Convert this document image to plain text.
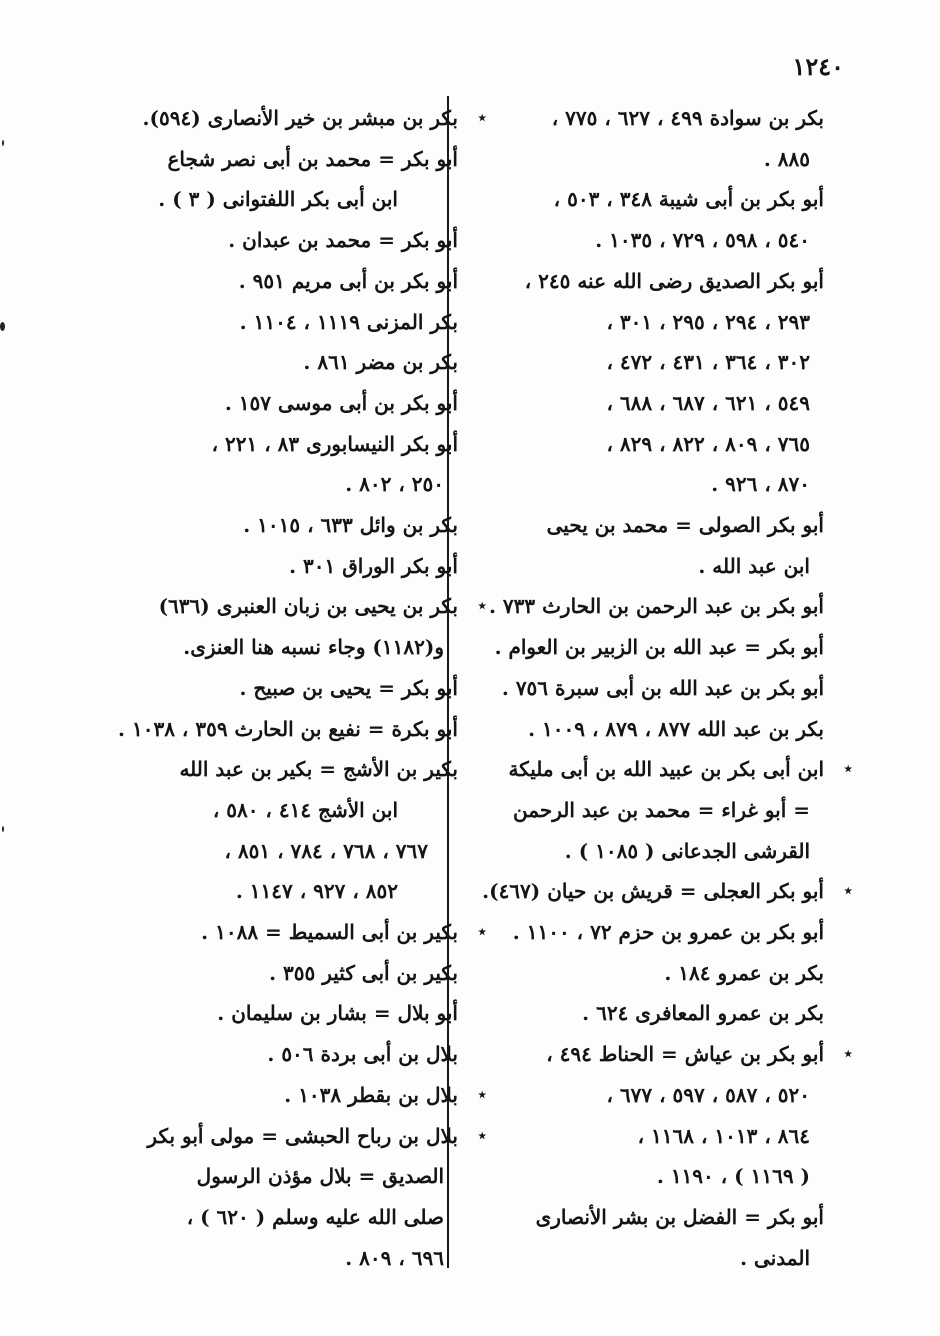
١٢٤٠
بكر بن سوادة ٤٩٩ ، ٦٢٧ ، ٧٧٥ ،
٨٨٥ .
أبو بكر بن أبى شيبة ٣٤٨ ، ٥٠٣ ،
٥٤٠ ، ٥٩٨ ، ٧٢٩ ، ١٠٣٥ .
أبو بكر الصديق رضى الله عنه ٢٤٥ ،
٢٩٣ ، ٢٩٤ ، ٢٩٥ ، ٣٠١ ،
٣٠٢ ، ٣٦٤ ، ٤٣١ ، ٤٧٢ ،
٥٤٩ ، ٦٢١ ، ٦٨٧ ، ٦٨٨ ،
٧٦٥ ، ٨٠٩ ، ٨٢٢ ، ٨٢٩ ،
٨٧٠ ، ٩٢٦ .
أبو بكر الصولى = محمد بن يحيى
ابن عبد الله .
أبو بكر بن عبد الرحمن بن الحارث ٧٣٣ .
أبو بكر = عبد الله بن الزبير بن العوام .
أبو بكر بن عبد الله بن أبى سبرة ٧٥٦ .
بكر بن عبد الله ٨٧٧ ، ٨٧٩ ، ١٠٠٩ .
٭
ابن أبى بكر بن عبيد الله بن أبى مليكة
= أبو غراء = محمد بن عبد الرحمن
القرشى الجدعانى ( ١٠٨٥ ) .
٭
أبو بكر العجلى = قريش بن حيان (٤٦٧).
أبو بكر بن عمرو بن حزم ٧٢ ، ١١٠٠ .
بكر بن عمرو ١٨٤ .
بكر بن عمرو المعافرى ٦٢٤ .
٭
أبو بكر بن عياش = الحناط ٤٩٤ ،
٥٢٠ ، ٥٨٧ ، ٥٩٧ ، ٦٧٧ ،
٨٦٤ ، ١٠١٣ ، ١١٦٨ ،
( ١١٦٩ ) ، ١١٩٠ .
أبو بكر = الفضل بن بشر الأنصارى
المدنى .
٭
بكر بن مبشر بن خير الأنصارى (٥٩٤).
أبو بكر = محمد بن أبى نصر شجاع
ابن أبى بكر اللفتوانى ( ٣ ) .
أبو بكر = محمد بن عبدان .
أبو بكر بن أبى مريم ٩٥١ .
بكر المزنى ١١١٩ ، ١١٠٤ .
بكر بن مضر ٨٦١ .
أبو بكر بن أبى موسى ١٥٧ .
أبو بكر النيسابورى ٨٣ ، ٢٢١ ،
٢٥٠ ، ٨٠٢ .
بكر بن وائل ٦٣٣ ، ١٠١٥ .
أبو بكر الوراق ٣٠١ .
٭
بكر بن يحيى بن زبان العنبرى (٦٣٦)
و(١١٨٢) وجاء نسبه هنا العنزى.
أبو بكر = يحيى بن صبيح .
أبو بكرة = نفيع بن الحارث ٣٥٩ ، ١٠٣٨ .
بكير بن الأشج = بكير بن عبد الله
ابن الأشج ٤١٤ ، ٥٨٠ ،
٧٦٧ ، ٧٦٨ ، ٧٨٤ ، ٨٥١ ،
٨٥٢ ، ٩٢٧ ، ١١٤٧ .
٭
بكير بن أبى السميط = ١٠٨٨ .
بكير بن أبى كثير ٣٥٥ .
أبو بلال = بشار بن سليمان .
بلال بن أبى بردة ٥٠٦ .
٭
بلال بن بقطر ١٠٣٨ .
٭
بلال بن رباح الحبشى = مولى أبو بكر
الصديق = بلال مؤذن الرسول
صلى الله عليه وسلم ( ٦٢٠ ) ،
٦٩٦ ، ٨٠٩ .
